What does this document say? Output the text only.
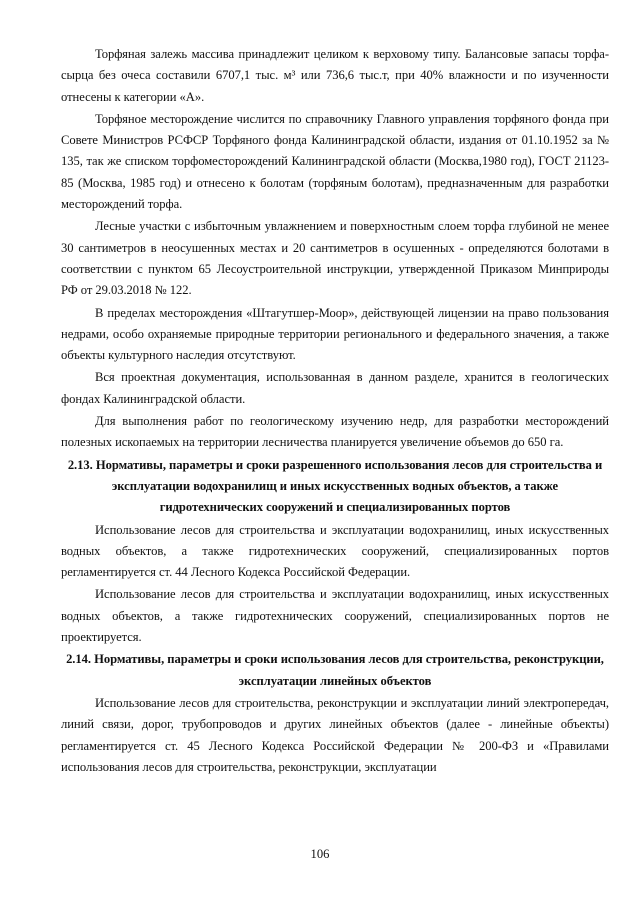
Торфяная залежь массива принадлежит целиком к верховому типу. Балансовые запасы торфа-сырца без очеса составили 6707,1 тыс. м³ или 736,6 тыс.т, при 40% влажности и по изученности отнесены к категории «А».

Торфяное месторождение числится по справочнику Главного управления торфяного фонда при Совете Министров РСФСР Торфяного фонда Калининградской области, издания от 01.10.1952 за № 135, так же списком торфоместорождений Калининградской области (Москва,1980 год), ГОСТ 21123-85 (Москва, 1985 год) и отнесено к болотам (торфяным болотам), предназначенным для разработки месторождений торфа.

Лесные участки с избыточным увлажнением и поверхностным слоем торфа глубиной не менее 30 сантиметров в неосушенных местах и 20 сантиметров в осушенных - определяются болотами в соответствии с пунктом 65 Лесоустроительной инструкции, утвержденной Приказом Минприроды РФ от 29.03.2018 № 122.

В пределах месторождения «Штагутшер-Моор», действующей лицензии на право пользования недрами, особо охраняемые природные территории регионального и федерального значения, а также объекты культурного наследия отсутствуют.

Вся проектная документация, использованная в данном разделе, хранится в геологических фондах Калининградской области.

Для выполнения работ по геологическому изучению недр, для разработки месторождений полезных ископаемых на территории лесничества планируется увеличение объемов до 650 га.

2.13. Нормативы, параметры и сроки разрешенного использования лесов для строительства и эксплуатации водохранилищ и иных искусственных водных объектов, а также гидротехнических сооружений и специализированных портов

Использование лесов для строительства и эксплуатации водохранилищ, иных искусственных водных объектов, а также гидротехнических сооружений, специализированных портов регламентируется ст. 44 Лесного Кодекса Российской Федерации.

Использование лесов для строительства и эксплуатации водохранилищ, иных искусственных водных объектов, а также гидротехнических сооружений, специализированных портов не проектируется.

2.14. Нормативы, параметры и сроки использования лесов для строительства, реконструкции, эксплуатации линейных объектов

Использование лесов для строительства, реконструкции и эксплуатации линий электропередач, линий связи, дорог, трубопроводов и других линейных объектов (далее - линейные объекты) регламентируется ст. 45 Лесного Кодекса Российской Федерации № 200-ФЗ и «Правилами использования лесов для строительства, реконструкции, эксплуатации

106
